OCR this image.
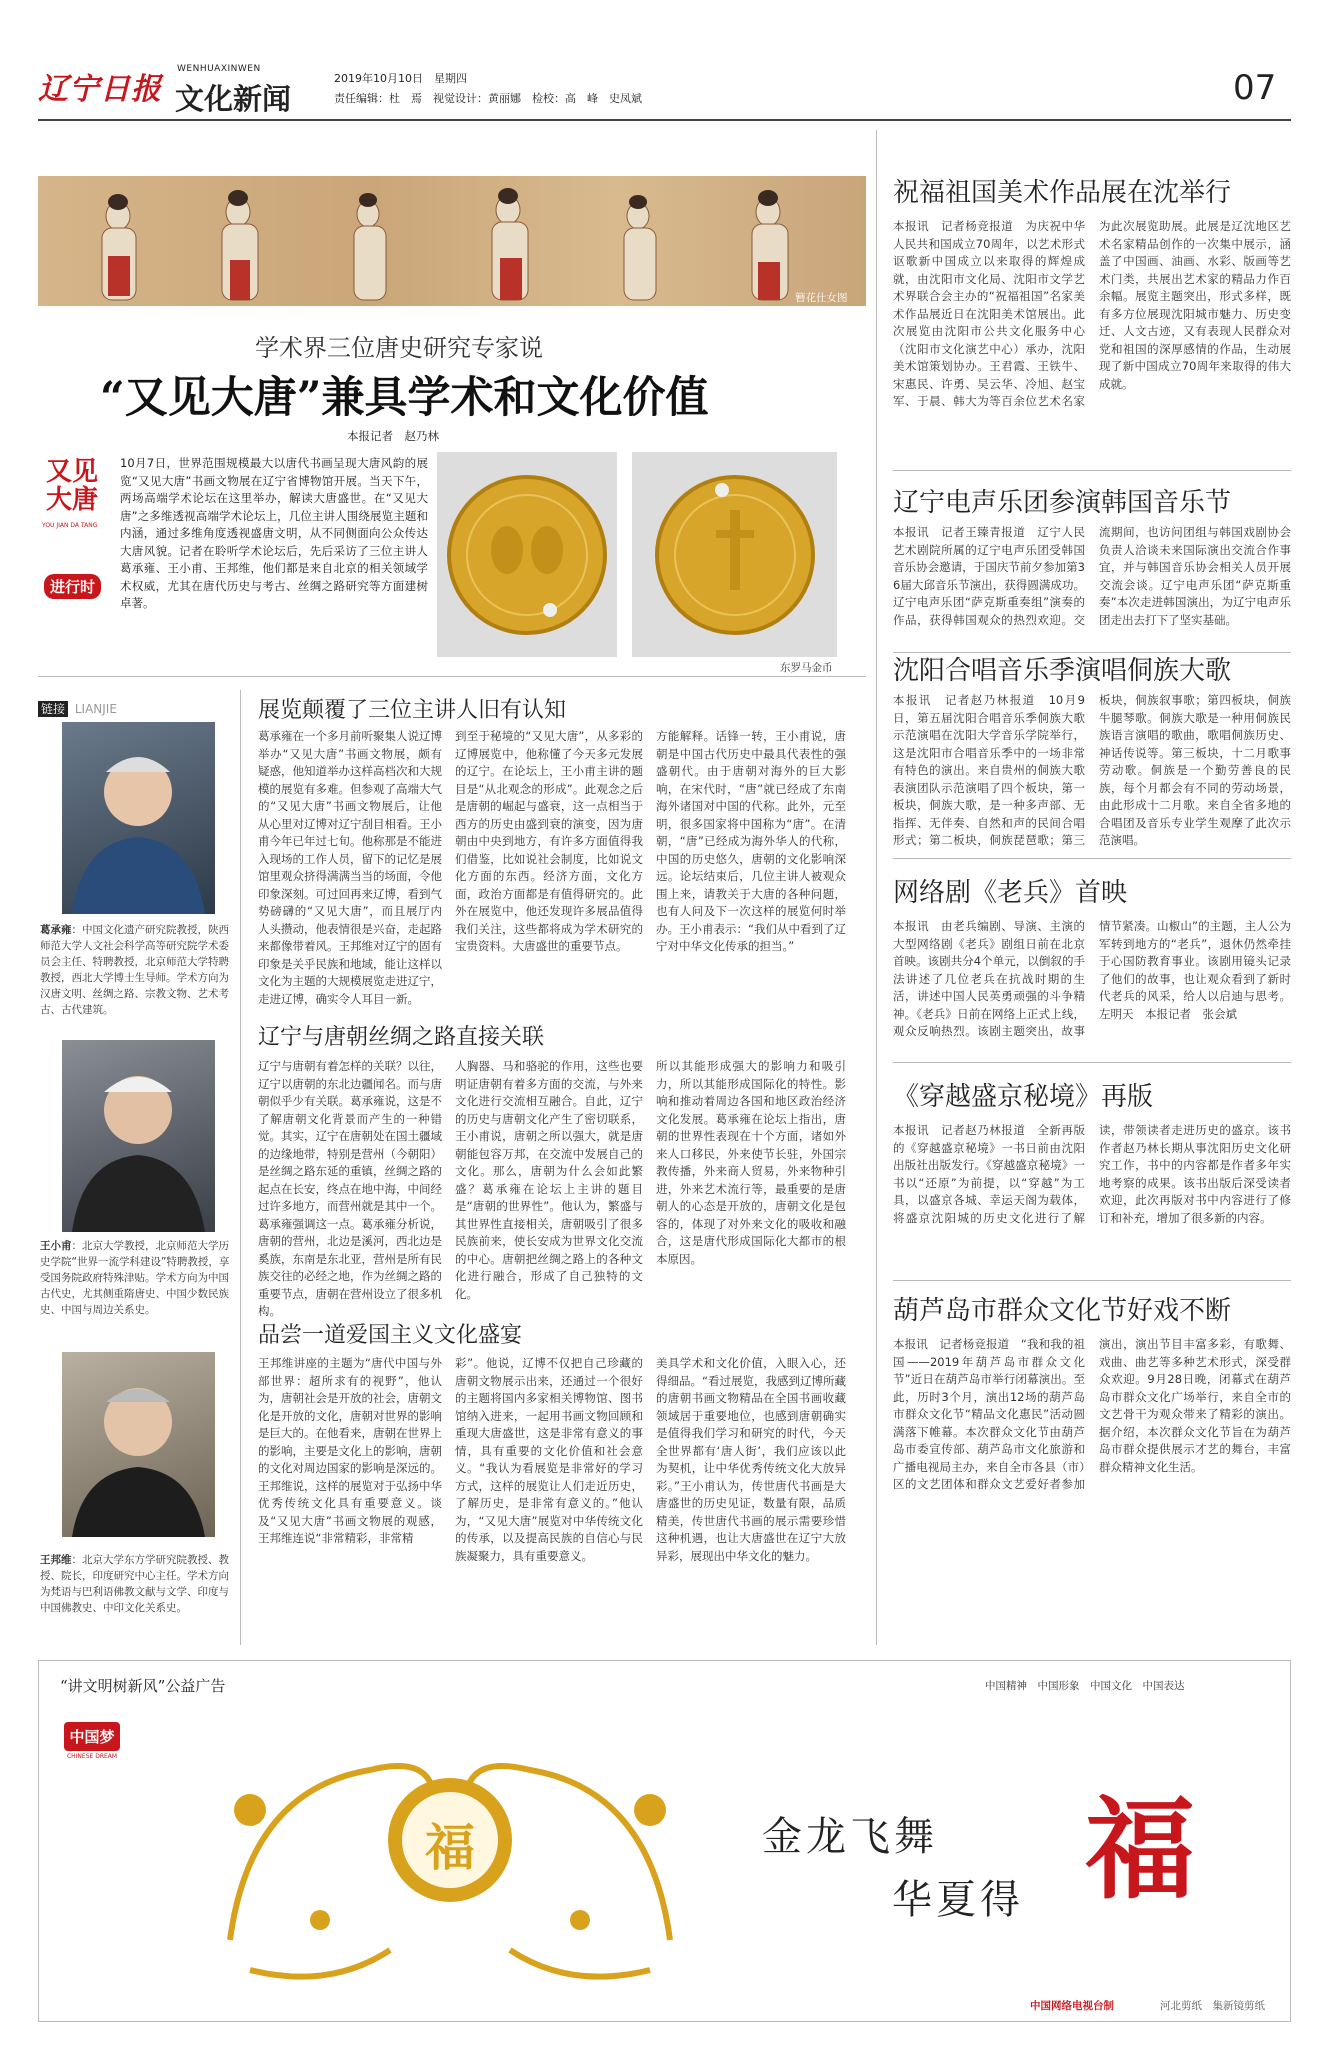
辽宁日报
WENHUAXINWEN
文化新闻
2019年10月10日　星期四
责任编辑：杜　焉　视觉设计：黄丽娜　检校：高　峰　史凤斌	07
簪花仕女图
学术界三位唐史研究专家说
“又见大唐”兼具学术和文化价值
本报记者　赵乃林
又见大唐
YOU JIAN DA TANG
进行时
10月7日，世界范围规模最大以唐代书画呈现大唐风韵的展览“又见大唐”书画文物展在辽宁省博物馆开展。当天下午，两场高端学术论坛在这里举办，解读大唐盛世。在“又见大唐”之多维透视高端学术论坛上，几位主讲人围绕展览主题和内涵，通过多维角度透视盛唐文明，从不同侧面向公众传达大唐风貌。记者在聆听学术论坛后，先后采访了三位主讲人葛承雍、王小甫、王邦维，他们都是来自北京的相关领域学术权威，尤其在唐代历史与考古、丝绸之路研究等方面建树卓著。
东罗马金币
链接 LIANJIE
葛承雍：中国文化遗产研究院教授，陕西师范大学人文社会科学高等研究院学术委员会主任、特聘教授，北京师范大学特聘教授，西北大学博士生导师。学术方向为汉唐文明、丝绸之路、宗教文物、艺术考古、古代建筑。
王小甫：北京大学教授，北京师范大学历史学院“世界一流学科建设”特聘教授，享受国务院政府特殊津贴。学术方向为中国古代史，尤其侧重隋唐史、中国少数民族史、中国与周边关系史。
王邦维：北京大学东方学研究院教授、教授、院长，印度研究中心主任。学术方向为梵语与巴利语佛教文献与文学、印度与中国佛教史、中印文化关系史。
展览颠覆了三位主讲人旧有认知
葛承雍在一个多月前听聚集人说辽博举办“又见大唐”书画文物展，颇有疑惑，他知道举办这样高档次和大规模的展览有多难。但参观了高端大气的“又见大唐”书画文物展后，让他从心里对辽博对辽宁刮目相看。王小甫今年已年过七旬。他称那是不能进入现场的工作人员，留下的记忆是展馆里观众挤得满满当当的场面，令他印象深刻。可过回再来辽博，看到气势磅礴的“又见大唐”，而且展厅内人头攒动，他表情很是兴奋，走起路来都像带着风。王邦维对辽宁的固有印象是关乎民族和地域，能让这样以文化为主题的大规模展览走进辽宁，走进辽博，确实令人耳目一新。
到至于秘境的“又见大唐”，从多彩的辽博展览中，他称懂了今天多元发展的辽宁。在论坛上，王小甫主讲的题目是“从北观念的形成”。此观念之后是唐朝的崛起与盛衰，这一点相当于西方的历史由盛到衰的演变，因为唐朝由中央到地方，有许多方面值得我们借鉴，比如说社会制度，比如说文化方面的东西。经济方面，文化方面，政治方面都是有值得研究的。此外在展览中，他还发现许多展品值得我们关注，这些都将成为学术研究的宝贵资料。大唐盛世的重要节点。
方能解释。话锋一转，王小甫说，唐朝是中国古代历史中最具代表性的强盛朝代。由于唐朝对海外的巨大影响，在宋代时，“唐”就已经成了东南海外诸国对中国的代称。此外，元至明，很多国家将中国称为“唐”。在清朝，“唐”已经成为海外华人的代称，中国的历史悠久，唐朝的文化影响深远。论坛结束后，几位主讲人被观众围上来，请教关于大唐的各种问题，也有人问及下一次这样的展览何时举办。王小甫表示：“我们从中看到了辽宁对中华文化传承的担当。”
辽宁与唐朝丝绸之路直接关联
辽宁与唐朝有着怎样的关联？以往，辽宁以唐朝的东北边疆闻名。而与唐朝似乎少有关联。葛承雍说，这是不了解唐朝文化背景而产生的一种错觉。其实，辽宁在唐朝处在国土疆域的边缘地带，特别是营州（今朝阳）是丝绸之路东延的重镇，丝绸之路的起点在长安，终点在地中海，中间经过许多地方，而营州就是其中一个。葛承雍强调这一点。葛承雍分析说，唐朝的营州，北边是溪河，西北边是奚族，东南是东北亚，营州是所有民族交往的必经之地，作为丝绸之路的重要节点，唐朝在营州设立了很多机构。
人胸器、马和骆驼的作用，这些也要明证唐朝有着多方面的交流，与外来文化进行交流相互融合。自此，辽宁的历史与唐朝文化产生了密切联系，王小甫说，唐朝之所以强大，就是唐朝能包容万邦，在交流中发展自己的文化。那么，唐朝为什么会如此繁盛？葛承雍在论坛上主讲的题目是“唐朝的世界性”。他认为，繁盛与其世界性直接相关，唐朝吸引了很多民族前来，使长安成为世界文化交流的中心。唐朝把丝绸之路上的各种文化进行融合，形成了自己独特的文化。
所以其能形成强大的影响力和吸引力，所以其能形成国际化的特性。影响和推动着周边各国和地区政治经济文化发展。葛承雍在论坛上指出，唐朝的世界性表现在十个方面，诸如外来人口移民，外来使节长驻，外国宗教传播，外来商人贸易，外来物种引进，外来艺术流行等，最重要的是唐朝人的心态是开放的，唐朝文化是包容的，体现了对外来文化的吸收和融合，这是唐代形成国际化大都市的根本原因。
品尝一道爱国主义文化盛宴
王邦维讲座的主题为“唐代中国与外部世界：超所求有的视野”，他认为，唐朝社会是开放的社会，唐朝文化是开放的文化，唐朝对世界的影响是巨大的。在他看来，唐朝在世界上的影响，主要是文化上的影响，唐朝的文化对周边国家的影响是深远的。王邦维说，这样的展览对于弘扬中华优秀传统文化具有重要意义。谈及“又见大唐”书画文物展的观感，王邦维连说“非常精彩，非常精
彩”。他说，辽博不仅把自己珍藏的唐朝文物展示出来，还通过一个很好的主题将国内多家相关博物馆、图书馆纳入进来，一起用书画文物回顾和重现大唐盛世，这是非常有意义的事情，具有重要的文化价值和社会意义。“我认为看展览是非常好的学习方式，这样的展览让人们走近历史，了解历史，是非常有意义的。”他认为，“又见大唐”展览对中华传统文化的传承，以及提高民族的自信心与民族凝聚力，具有重要意义。
美具学术和文化价值，入眼入心，还得细品。“看过展览，我感到辽博所藏的唐朝书画文物精品在全国书画收藏领域居于重要地位，也感到唐朝确实是值得我们学习和研究的时代，今天全世界都有‘唐人街’，我们应该以此为契机，让中华优秀传统文化大放异彩。”王小甫认为，传世唐代书画是大唐盛世的历史见证，数量有限，品质精美，传世唐代书画的展示需要珍惜这种机遇，也让大唐盛世在辽宁大放异彩，展现出中华文化的魅力。
祝福祖国美术作品展在沈举行
本报讯　记者杨竞报道　为庆祝中华人民共和国成立70周年，以艺术形式讴歌新中国成立以来取得的辉煌成就，由沈阳市文化局、沈阳市文学艺术界联合会主办的“祝福祖国”名家美术作品展近日在沈阳美术馆展出。此次展览由沈阳市公共文化服务中心（沈阳市文化演艺中心）承办，沈阳美术馆策划协办。王君霞、王铁牛、宋惠民、许勇、吴云华、冷旭、赵宝军、于晨、韩大为等百余位艺术名家为此次展览助展。此展是辽沈地区艺术名家精品创作的一次集中展示，涵盖了中国画、油画、水彩、版画等艺术门类，共展出艺术家的精品力作百余幅。展览主题突出，形式多样，既有多方位展现沈阳城市魅力、历史变迁、人文古迹，又有表现人民群众对党和祖国的深厚感情的作品，生动展现了新中国成立70周年来取得的伟大成就。
辽宁电声乐团参演韩国音乐节
本报讯　记者王臻青报道　辽宁人民艺术剧院所属的辽宁电声乐团受韩国音乐协会邀请，于国庆节前夕参加第36届大邱音乐节演出，获得圆满成功。辽宁电声乐团“萨克斯重奏组”演奏的作品，获得韩国观众的热烈欢迎。交流期间，也访问团组与韩国戏剧协会负责人洽谈未来国际演出交流合作事宜，并与韩国音乐协会相关人员开展交流会谈。辽宁电声乐团“萨克斯重奏”本次走进韩国演出，为辽宁电声乐团走出去打下了坚实基础。
沈阳合唱音乐季演唱侗族大歌
本报讯　记者赵乃林报道　10月9日，第五届沈阳合唱音乐季侗族大歌示范演唱在沈阳大学音乐学院举行，这是沈阳市合唱音乐季中的一场非常有特色的演出。来自贵州的侗族大歌表演团队示范演唱了四个板块，第一板块，侗族大歌，是一种多声部、无指挥、无伴奏、自然和声的民间合唱形式；第二板块，侗族琵琶歌；第三板块，侗族叙事歌；第四板块，侗族牛腿琴歌。侗族大歌是一种用侗族民族语言演唱的歌曲，歌唱侗族历史、神话传说等。第三板块，十二月歌事劳动歌。侗族是一个勤劳善良的民族，每个月都会有不同的劳动场景，由此形成十二月歌。来自全省多地的合唱团及音乐专业学生观摩了此次示范演唱。
网络剧《老兵》首映
本报讯　由老兵编剧、导演、主演的大型网络剧《老兵》剧组日前在北京首映。该剧共分4个单元，以倒叙的手法讲述了几位老兵在抗战时期的生活，讲述中国人民英勇顽强的斗争精神。《老兵》日前在网络上正式上线，观众反响热烈。该剧主题突出，故事情节紧凑。山椒山”的主题，主人公为军转到地方的“老兵”，退休仍然牵挂于心国防教育事业。该剧用镜头记录了他们的故事，也让观众看到了新时代老兵的风采，给人以启迪与思考。左明天　本报记者　张会斌
《穿越盛京秘境》再版
本报讯　记者赵乃林报道　全新再版的《穿越盛京秘境》一书日前由沈阳出版社出版发行。《穿越盛京秘境》一书以“还原”为前提，以“穿越”为工具，以盛京各城、幸运天阁为载体，将盛京沈阳城的历史文化进行了解读，带领读者走进历史的盛京。该书作者赵乃林长期从事沈阳历史文化研究工作，书中的内容都是作者多年实地考察的成果。该书出版后深受读者欢迎，此次再版对书中内容进行了修订和补充，增加了很多新的内容。
葫芦岛市群众文化节好戏不断
本报讯　记者杨竞报道　“我和我的祖国——2019年葫芦岛市群众文化节”近日在葫芦岛市举行闭幕演出。至此，历时3个月，演出12场的葫芦岛市群众文化节“精品文化惠民”活动圆满落下帷幕。本次群众文化节由葫芦岛市委宣传部、葫芦岛市文化旅游和广播电视局主办，来自全市各县（市）区的文艺团体和群众文艺爱好者参加演出，演出节目丰富多彩，有歌舞、戏曲、曲艺等多种艺术形式，深受群众欢迎。9月28日晚，闭幕式在葫芦岛市群众文化广场举行，来自全市的文艺骨干为观众带来了精彩的演出。据介绍，本次群众文化节旨在为葫芦岛市群众提供展示才艺的舞台，丰富群众精神文化生活。
“讲文明树新风”公益广告	中国精神　中国形象　中国文化　中国表达
中国梦
CHINESE DREAM
福	金龙飞舞
华夏得 福
中国网络电视台制	河北剪纸　集新镜剪纸
